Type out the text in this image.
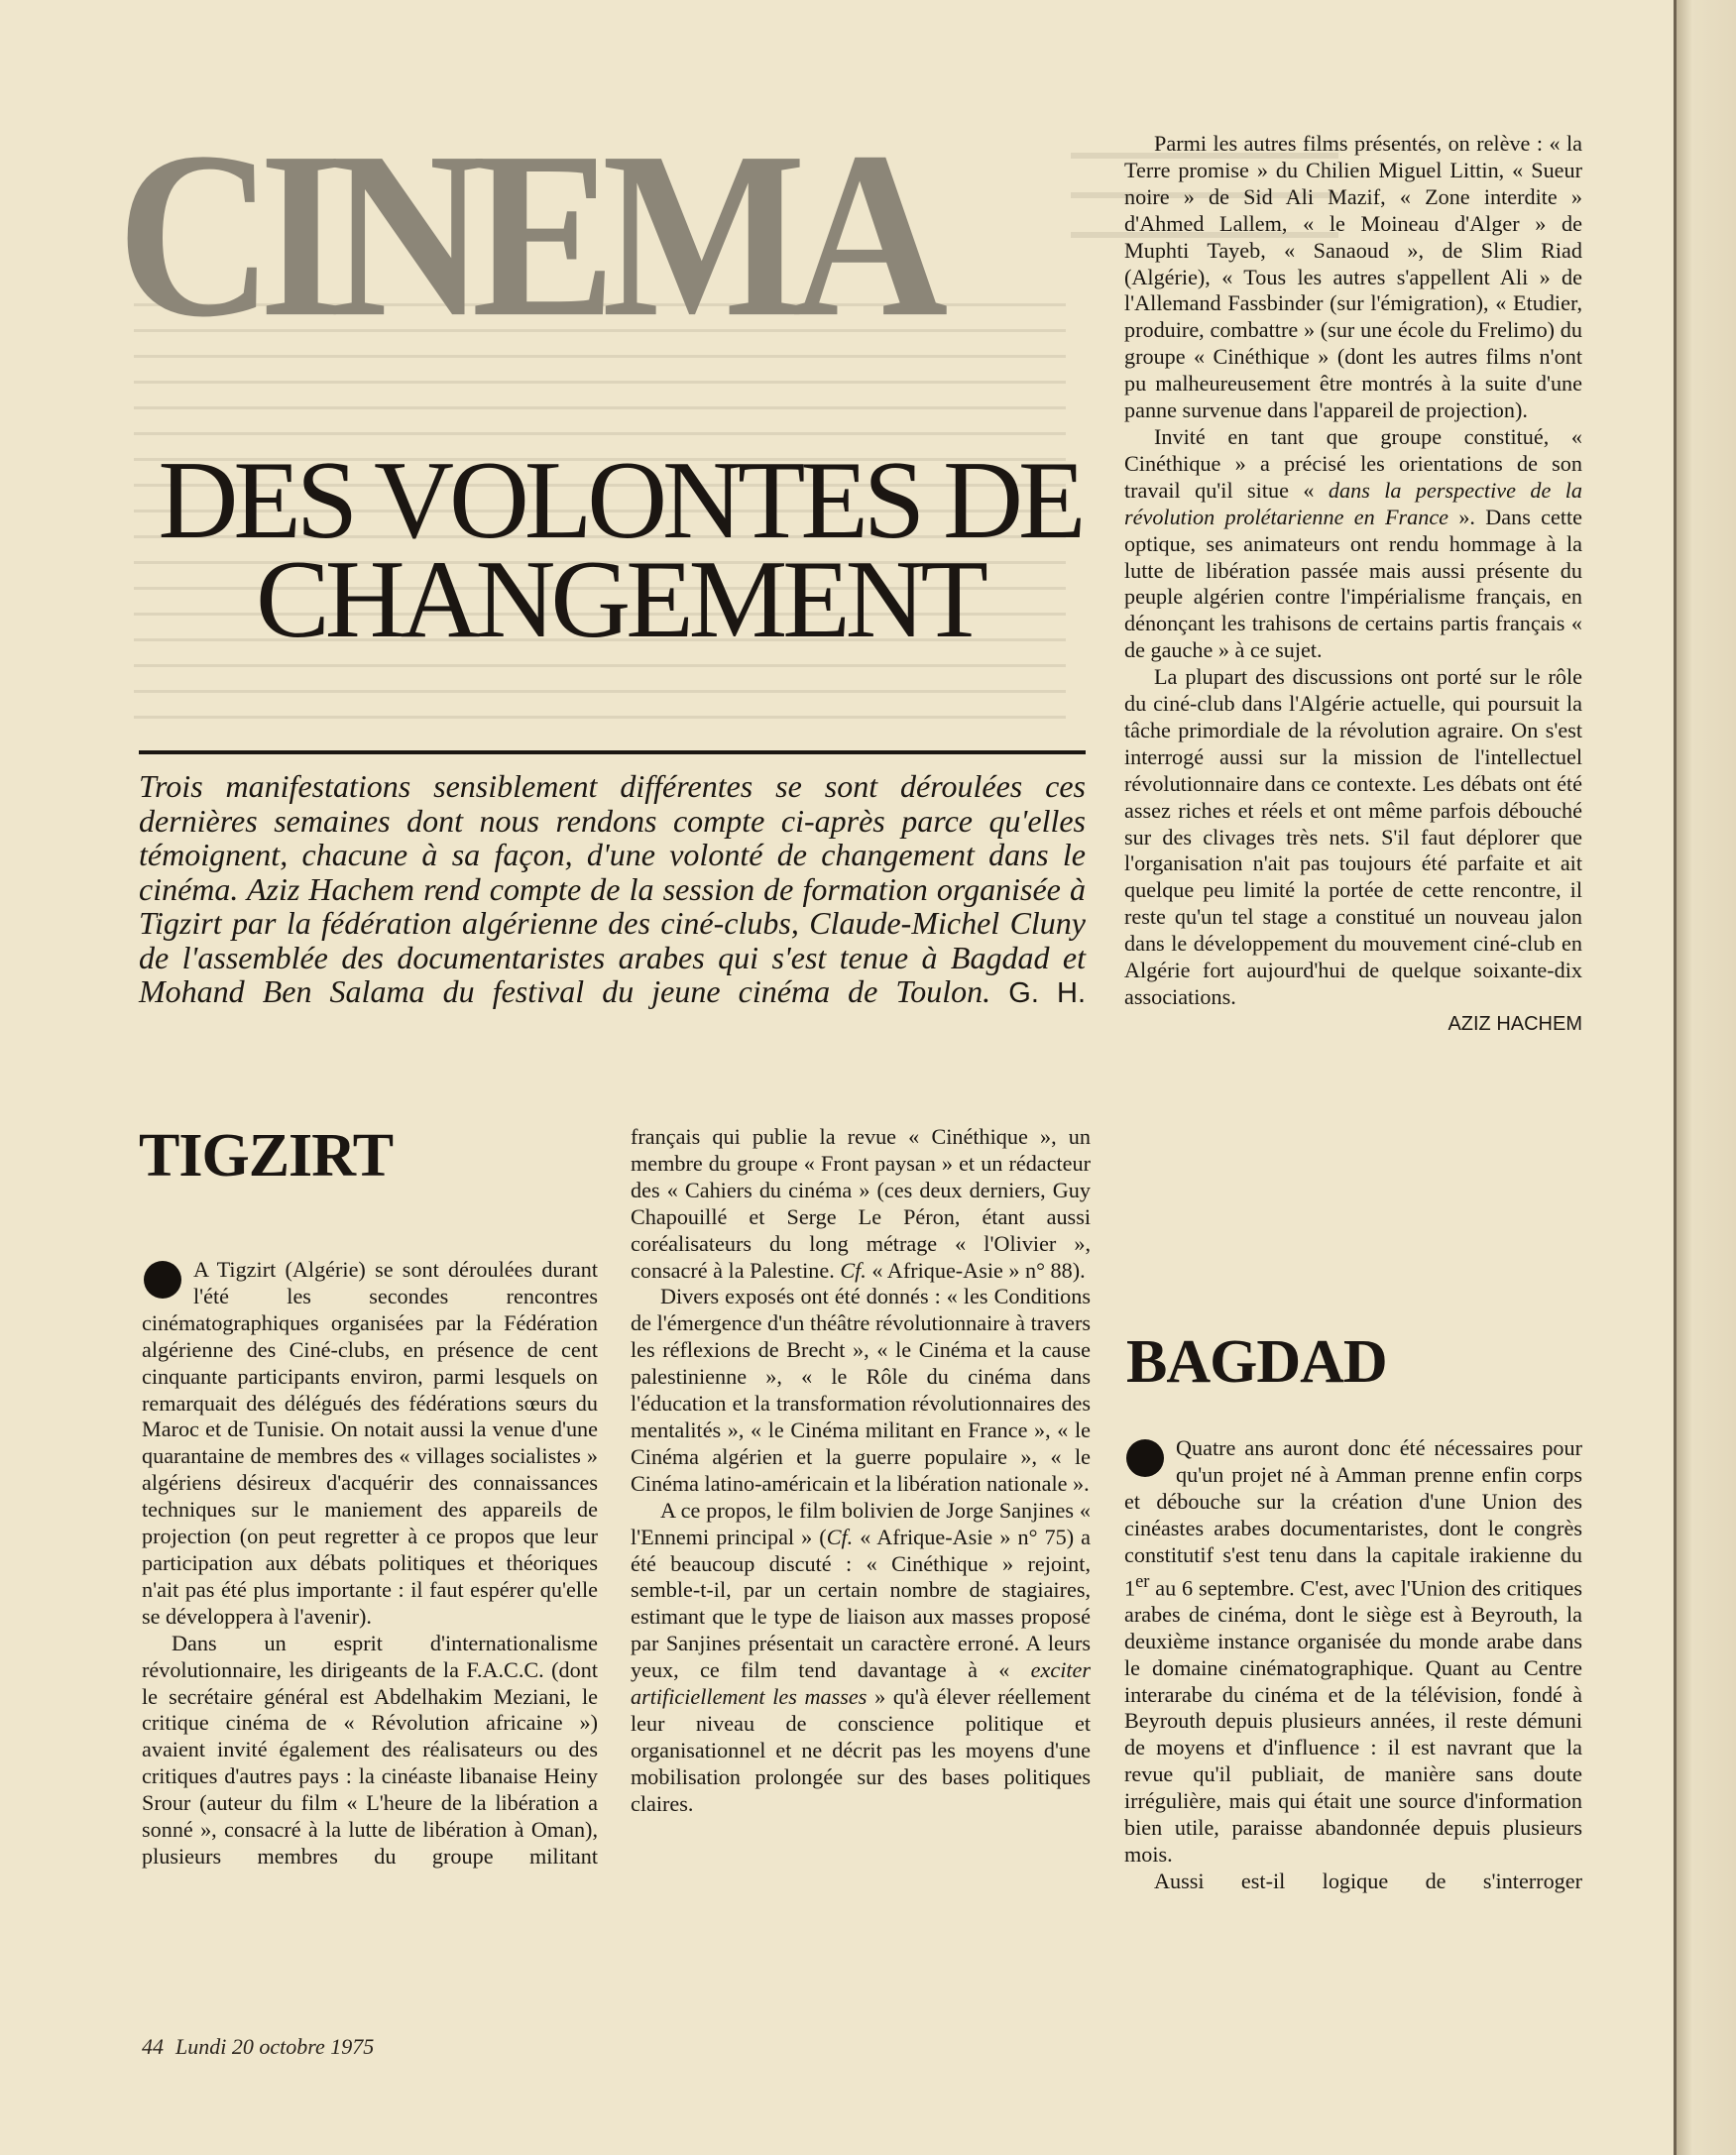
CINEMA
DES VOLONTES DE
CHANGEMENT
Trois manifestations sensiblement différentes se sont déroulées ces dernières semaines dont nous rendons compte ci-après parce qu'elles témoignent, chacune à sa façon, d'une volonté de changement dans le cinéma. Aziz Hachem rend compte de la session de formation organisée à Tigzirt par la fédération algérienne des ciné-clubs, Claude-Michel Cluny de l'assemblée des documentaristes arabes qui s'est tenue à Bagdad et Mohand Ben Salama du festival du jeune cinéma de Toulon. G. H.
TIGZIRT

A Tigzirt (Algérie) se sont déroulées durant l'été les secondes rencontres cinématographiques organisées par la Fédération algérienne des Ciné-clubs, en présence de cent cinquante participants environ, parmi lesquels on remarquait des délégués des fédérations sœurs du Maroc et de Tunisie. On notait aussi la venue d'une quarantaine de membres des « villages socialistes » algériens désireux d'acquérir des connaissances techniques sur le maniement des appareils de projection (on peut regretter à ce propos que leur participation aux débats politiques et théoriques n'ait pas été plus importante : il faut espérer qu'elle se développera à l'avenir).

Dans un esprit d'internationalisme révolutionnaire, les dirigeants de la F.A.C.C. (dont le secrétaire général est Abdelhakim Meziani, le critique cinéma de « Révolution africaine ») avaient invité également des réalisateurs ou des critiques d'autres pays : la cinéaste libanaise Heiny Srour (auteur du film « L'heure de la libération a sonné », consacré à la lutte de libération à Oman), plusieurs membres du groupe militant

français qui publie la revue « Cinéthique », un membre du groupe « Front paysan » et un rédacteur des « Cahiers du cinéma » (ces deux derniers, Guy Chapouillé et Serge Le Péron, étant aussi coréalisateurs du long métrage « l'Olivier », consacré à la Palestine. Cf. « Afrique-Asie » n° 88).

Divers exposés ont été donnés : « les Conditions de l'émergence d'un théâtre révolutionnaire à travers les réflexions de Brecht », « le Cinéma et la cause palestinienne », « le Rôle du cinéma dans l'éducation et la transformation révolutionnaires des mentalités », « le Cinéma militant en France », « le Cinéma algérien et la guerre populaire », « le Cinéma latino-américain et la libération nationale ».

A ce propos, le film bolivien de Jorge Sanjines « l'Ennemi principal » (Cf. « Afrique-Asie » n° 75) a été beaucoup discuté : « Cinéthique » rejoint, semble-t-il, par un certain nombre de stagiaires, estimant que le type de liaison aux masses proposé par Sanjines présentait un caractère erroné. A leurs yeux, ce film tend davantage à « exciter artificiellement les masses » qu'à élever réellement leur niveau de conscience politique et organisationnel et ne décrit pas les moyens d'une mobilisation prolongée sur des bases politiques claires.

Parmi les autres films présentés, on relève : « la Terre promise » du Chilien Miguel Littin, « Sueur noire » de Sid Ali Mazif, « Zone interdite » d'Ahmed Lallem, « le Moineau d'Alger » de Muphti Tayeb, « Sanaoud », de Slim Riad (Algérie), « Tous les autres s'appellent Ali » de l'Allemand Fassbinder (sur l'émigration), « Etudier, produire, combattre » (sur une école du Frelimo) du groupe « Cinéthique » (dont les autres films n'ont pu malheureusement être montrés à la suite d'une panne survenue dans l'appareil de projection).

Invité en tant que groupe constitué, « Cinéthique » a précisé les orientations de son travail qu'il situe « dans la perspective de la révolution prolétarienne en France ». Dans cette optique, ses animateurs ont rendu hommage à la lutte de libération passée mais aussi présente du peuple algérien contre l'impérialisme français, en dénonçant les trahisons de certains partis français « de gauche » à ce sujet.

La plupart des discussions ont porté sur le rôle du ciné-club dans l'Algérie actuelle, qui poursuit la tâche primordiale de la révolution agraire. On s'est interrogé aussi sur la mission de l'intellectuel révolutionnaire dans ce contexte. Les débats ont été assez riches et réels et ont même parfois débouché sur des clivages très nets. S'il faut déplorer que l'organisation n'ait pas toujours été parfaite et ait quelque peu limité la portée de cette rencontre, il reste qu'un tel stage a constitué un nouveau jalon dans le développement du mouvement ciné-club en Algérie fort aujourd'hui de quelque soixante-dix associations.

AZIZ HACHEM

BAGDAD

Quatre ans auront donc été nécessaires pour qu'un projet né à Amman prenne enfin corps et débouche sur la création d'une Union des cinéastes arabes documentaristes, dont le congrès constitutif s'est tenu dans la capitale irakienne du 1er au 6 septembre. C'est, avec l'Union des critiques arabes de cinéma, dont le siège est à Beyrouth, la deuxième instance organisée du monde arabe dans le domaine cinématographique. Quant au Centre interarabe du cinéma et de la télévision, fondé à Beyrouth depuis plusieurs années, il reste démuni de moyens et d'influence : il est navrant que la revue qu'il publiait, de manière sans doute irrégulière, mais qui était une source d'information bien utile, paraisse abandonnée depuis plusieurs mois.

Aussi est-il logique de s'interroger

44 Lundi 20 octobre 1975
